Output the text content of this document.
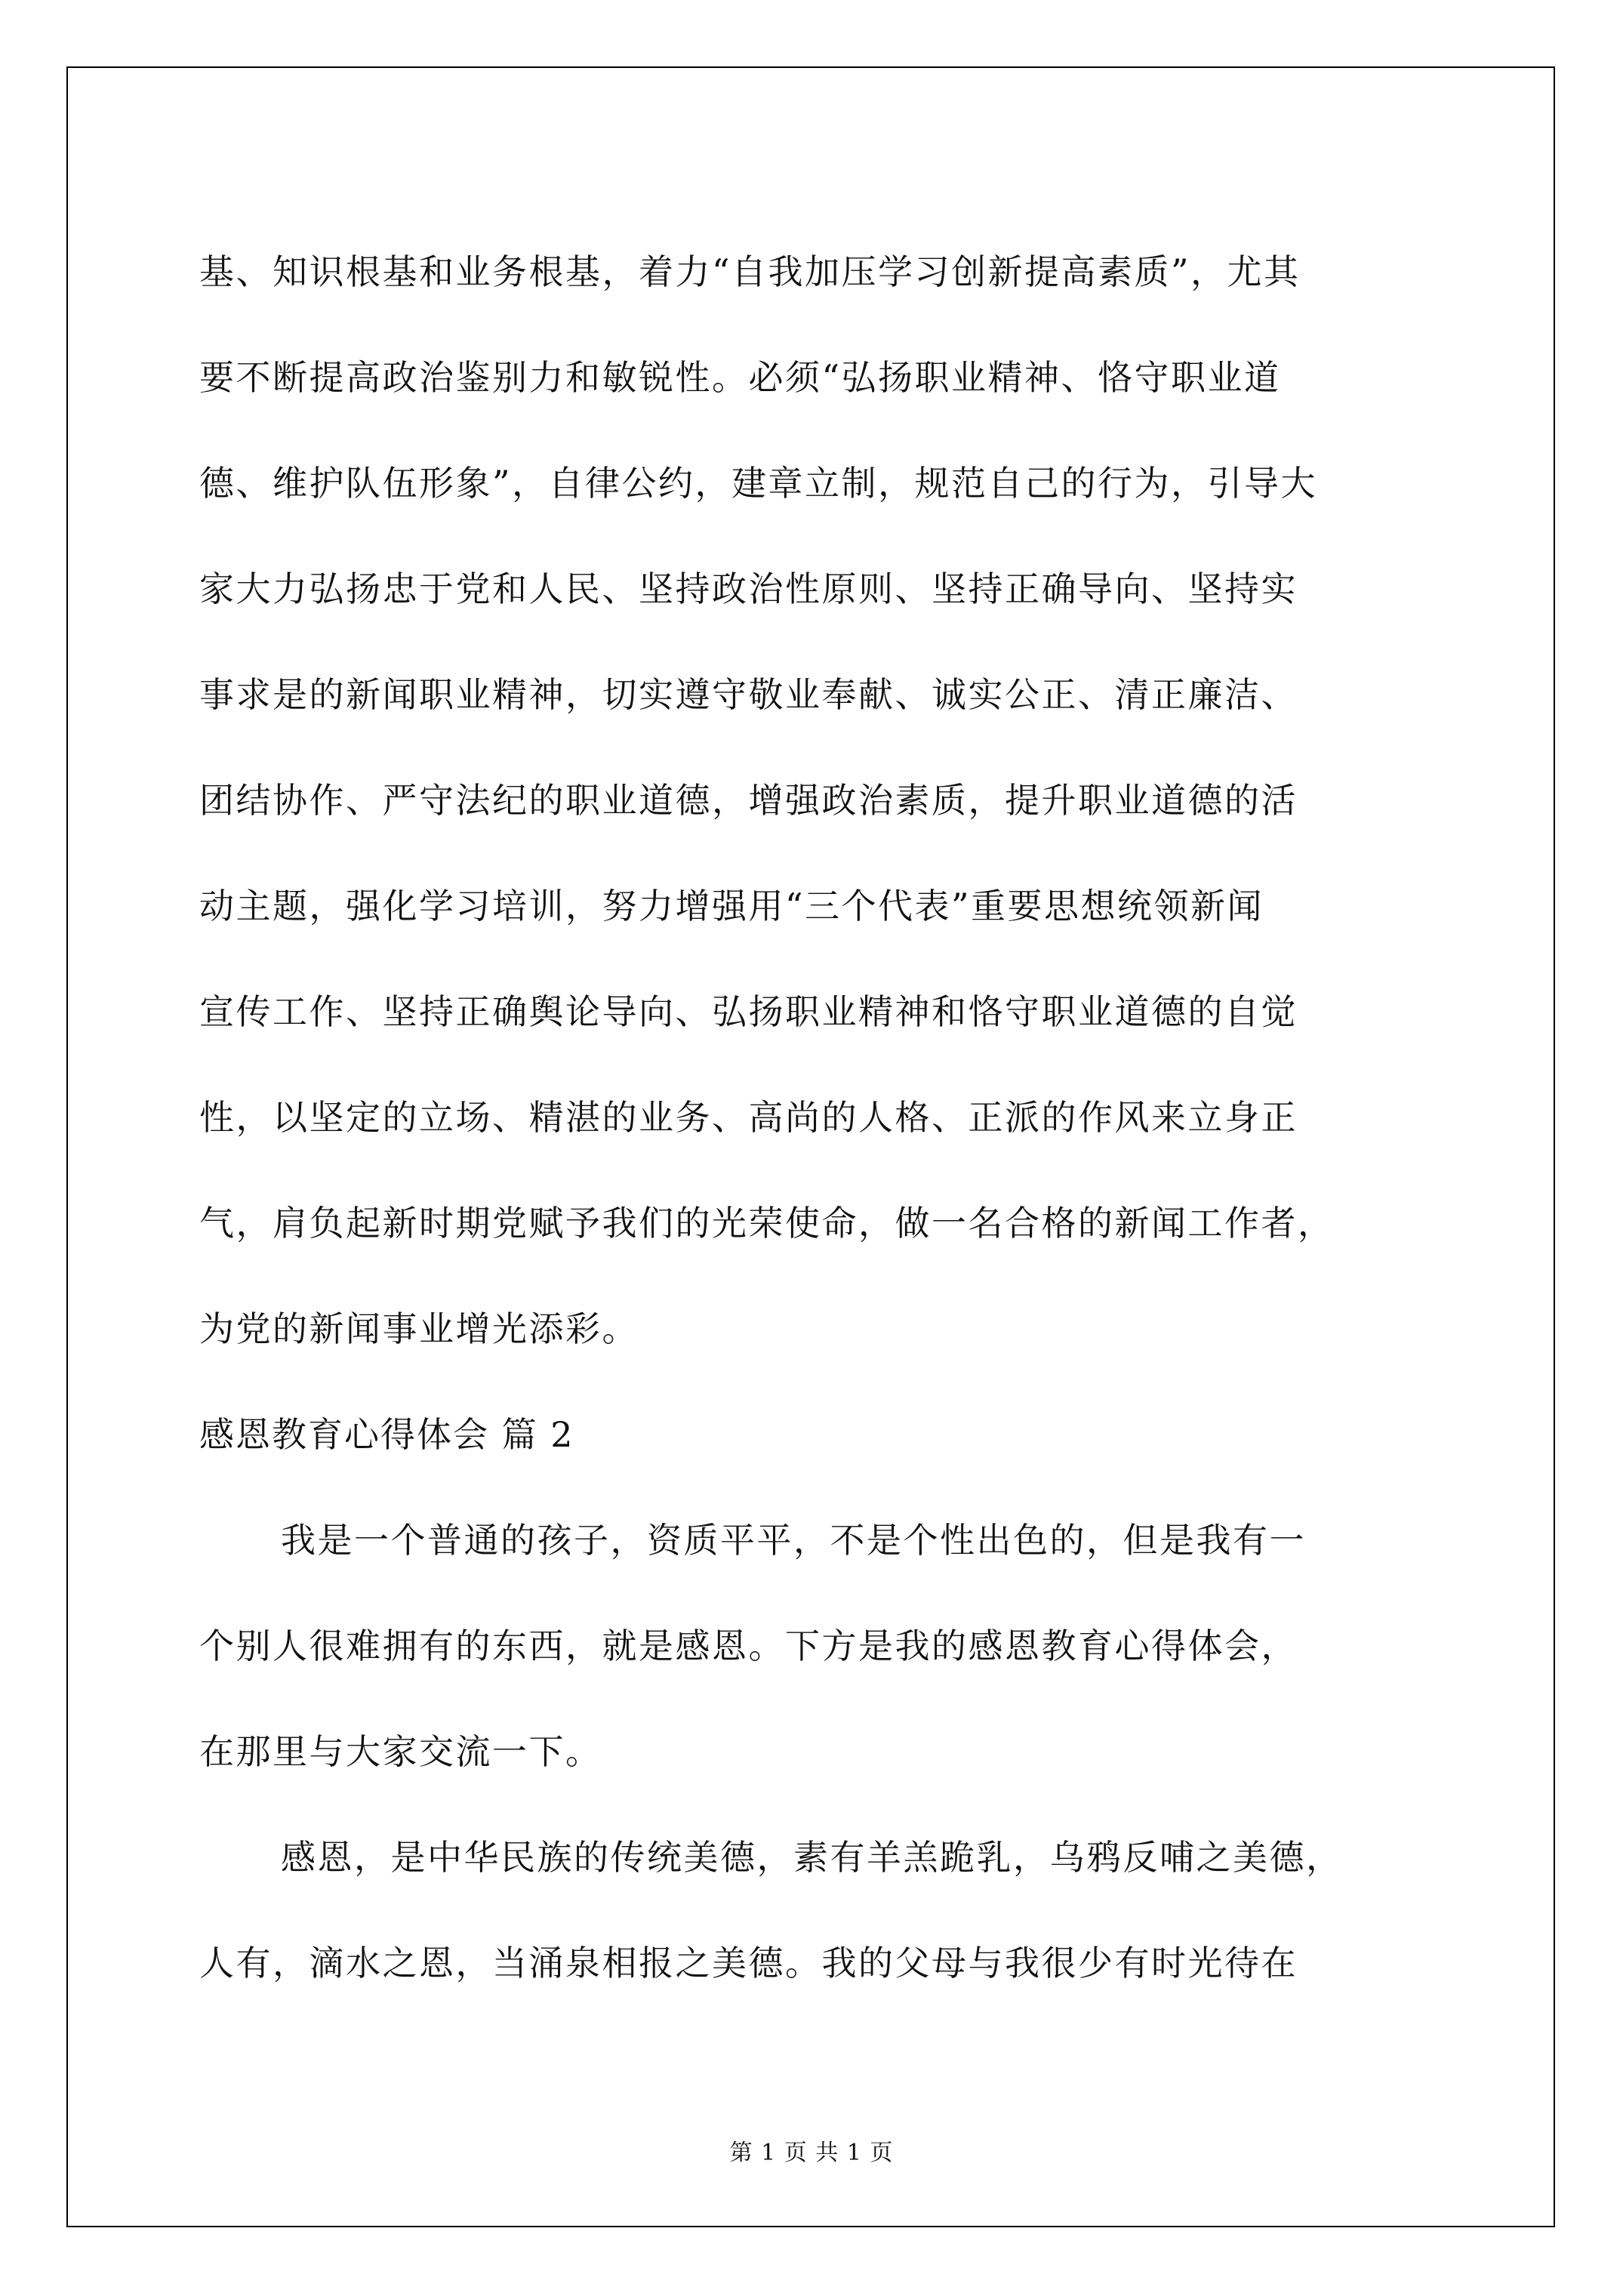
基、知识根基和业务根基，着力“自我加压学习创新提高素质”，尤其
要不断提高政治鉴别力和敏锐性。必须“弘扬职业精神、恪守职业道
德、维护队伍形象”，自律公约，建章立制，规范自己的行为，引导大
家大力弘扬忠于党和人民、坚持政治性原则、坚持正确导向、坚持实
事求是的新闻职业精神，切实遵守敬业奉献、诚实公正、清正廉洁、
团结协作、严守法纪的职业道德，增强政治素质，提升职业道德的活
动主题，强化学习培训，努力增强用“三个代表”重要思想统领新闻
宣传工作、坚持正确舆论导向、弘扬职业精神和恪守职业道德的自觉
性，以坚定的立场、精湛的业务、高尚的人格、正派的作风来立身正
气，肩负起新时期党赋予我们的光荣使命，做一名合格的新闻工作者，
为党的新闻事业增光添彩。
感恩教育心得体会 篇 2
我是一个普通的孩子，资质平平，不是个性出色的，但是我有一
个别人很难拥有的东西，就是感恩。下方是我的感恩教育心得体会，
在那里与大家交流一下。
感恩，是中华民族的传统美德，素有羊羔跪乳，乌鸦反哺之美德，
人有，滴水之恩，当涌泉相报之美德。我的父母与我很少有时光待在
第 1 页 共 1 页
